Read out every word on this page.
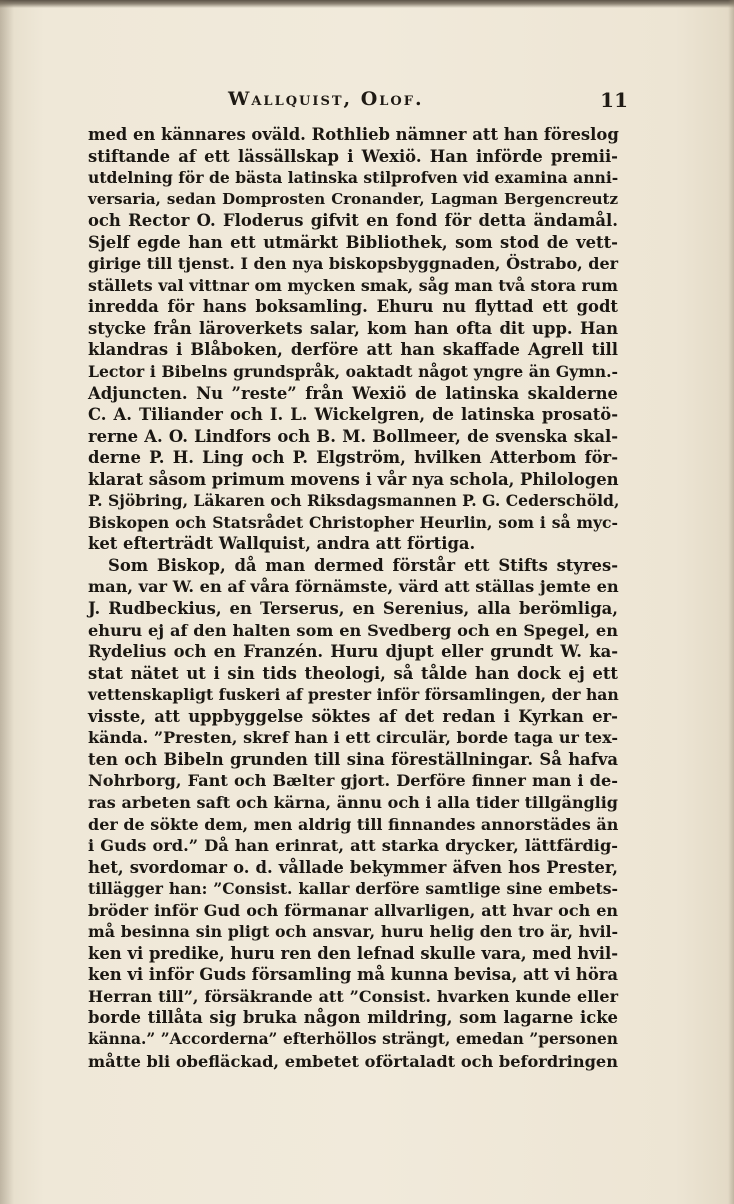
Wallquist, Olof.	11
med en kännares oväld. Rothlieb nämner att han föreslog
stiftande af ett lässällskap i Wexiö. Han införde premii-
utdelning för de bästa latinska stilprofven vid examina anni-
versaria, sedan Domprosten Cronander, Lagman Bergencreutz
och Rector O. Floderus gifvit en fond för detta ändamål.
Sjelf egde han ett utmärkt Bibliothek, som stod de vett-
girige till tjenst. I den nya biskopsbyggnaden, Östrabo, der
ställets val vittnar om mycken smak, såg man två stora rum
inredda för hans boksamling. Ehuru nu flyttad ett godt
stycke från läroverkets salar, kom han ofta dit upp. Han
klandras i Blåboken, derföre att han skaffade Agrell till
Lector i Bibelns grundspråk, oaktadt något yngre än Gymn.-
Adjuncten. Nu ”reste” från Wexiö de latinska skalderne
C. A. Tiliander och I. L. Wickelgren, de latinska prosatö-
rerne A. O. Lindfors och B. M. Bollmeer, de svenska skal-
derne P. H. Ling och P. Elgström, hvilken Atterbom för-
klarat såsom primum movens i vår nya schola, Philologen
P. Sjöbring, Läkaren och Riksdagsmannen P. G. Cederschöld,
Biskopen och Statsrådet Christopher Heurlin, som i så myc-
ket efterträdt Wallquist, andra att förtiga.
Som Biskop, då man dermed förstår ett Stifts styres-
man, var W. en af våra förnämste, värd att ställas jemte en
J. Rudbeckius, en Terserus, en Serenius, alla berömliga,
ehuru ej af den halten som en Svedberg och en Spegel, en
Rydelius och en Franzén. Huru djupt eller grundt W. ka-
stat nätet ut i sin tids theologi, så tålde han dock ej ett
vettenskapligt fuskeri af prester inför församlingen, der han
visste, att uppbyggelse söktes af det redan i Kyrkan er-
kända. ”Presten, skref han i ett circulär, borde taga ur tex-
ten och Bibeln grunden till sina föreställningar. Så hafva
Nohrborg, Fant och Bælter gjort. Derföre finner man i de-
ras arbeten saft och kärna, ännu och i alla tider tillgänglig
der de sökte dem, men aldrig till finnandes annorstädes än
i Guds ord.” Då han erinrat, att starka drycker, lättfärdig-
het, svordomar o. d. vållade bekymmer äfven hos Prester,
tillägger han: ”Consist. kallar derföre samtlige sine embets-
bröder inför Gud och förmanar allvarligen, att hvar och en
må besinna sin pligt och ansvar, huru helig den tro är, hvil-
ken vi predike, huru ren den lefnad skulle vara, med hvil-
ken vi inför Guds församling må kunna bevisa, att vi höra
Herran till”, försäkrande att ”Consist. hvarken kunde eller
borde tillåta sig bruka någon mildring, som lagarne icke
känna.” ”Accorderna” efterhöllos strängt, emedan ”personen
måtte bli obefläckad, embetet oförtaladt och befordringen
